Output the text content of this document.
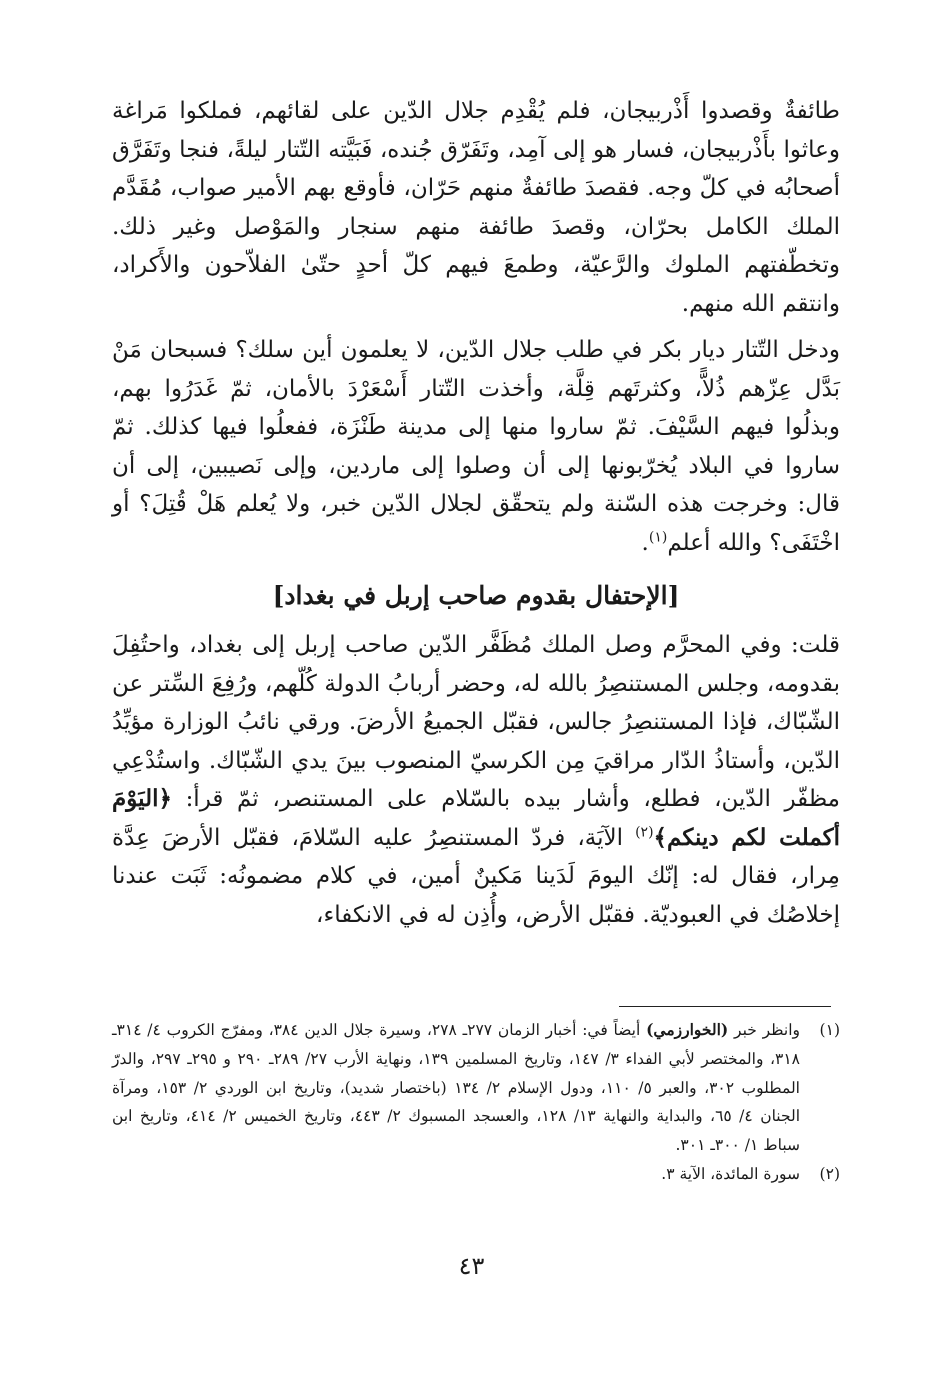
طائفةٌ وقصدوا أَذْربيجان، فلم يُقْدِم جلال الدّين على لقائهم، فملكوا مَراغة وعاثوا بأَذْربيجان، فسار هو إلى آمِد، وتَفَرّق جُنده، فَبَيَّته التّتار ليلةً، فنجا وتَفَرَّق أصحابُه في كلّ وجه. فقصدَ طائفةٌ منهم حَرّان، فأوقع بهم الأمير صواب، مُقَدَّم الملك الكامل بحرّان، وقصدَ طائفة منهم سنجار والمَوْصل وغير ذلك. وتخطّفتهم الملوك والرَّعيّة، وطمعَ فيهم كلّ أحدٍ حتّىٰ الفلاّحون والأَكراد، وانتقم الله منهم.

ودخل التّتار ديار بكر في طلب جلال الدّين، لا يعلمون أين سلك؟ فسبحان مَنْ بَدَّل عِزّهم ذُلاًّ، وكثرتَهم قِلَّة، وأخذت التّتار أَسْعَرْدَ بالأمان، ثمّ غَدَرُوا بهم، وبذلُوا فيهم السَّيْفَ. ثمّ ساروا منها إلى مدينة طَنْزَة، ففعلُوا فيها كذلك. ثمّ ساروا في البلاد يُخرّبونها إلى أن وصلوا إلى ماردين، وإلى نَصيبين، إلى أن قال: وخرجت هذه السّنة ولم يتحقّق لجلال الدّين خبر، ولا يُعلم هَلْ قُتِلَ؟ أو اخْتَفَى؟ والله أعلم$^{(١)}$.

[الإحتفال بقدوم صاحب إربل في بغداد]

قلت: وفي المحرَّم وصل الملك مُظَفَّر الدّين صاحب إربل إلى بغداد، واحتُفِلَ بقدومه، وجلس المستنصِرُ بالله له، وحضر أربابُ الدولة كُلّهم، ورُفِعَ السِّتر عن الشّبّاك، فإذا المستنصِرُ جالس، فقبّل الجميعُ الأرضَ. ورقي نائبُ الوزارة مؤيِّدُ الدّين، وأستاذُ الدّار مراقيَ مِن الكرسيّ المنصوب بينَ يدي الشّبّاك. واستُدْعِي مظفّر الدّين، فطلع، وأشار بيده بالسّلام على المستنصر، ثمّ قرأ: ﴿اليَوْمَ أكملت لكم دينكم﴾$^{(٢)}$ الآيَة، فردّ المستنصِرُ عليه السّلامَ، فقبّل الأرضَ عِدَّة مِرار، فقال له: إنّك اليومَ لَدَينا مَكينٌ أمين، في كلام مضمونُه: ثَبَت عندنا إخلاصُك في العبوديّة. فقبّل الأرض، وأُذِن له في الانكفاء،

(١)
وانظر خبر (الخوارزمي) أيضاً في: أخبار الزمان ٢٧٧ـ ٢٧٨، وسيرة جلال الدين ٣٨٤، ومفرّج الكروب ٤/ ٣١٤ـ ٣١٨، والمختصر لأبي الفداء ٣/ ١٤٧، وتاريخ المسلمين ١٣٩، ونهاية الأرب ٢٧/ ٢٨٩ـ ٢٩٠ و ٢٩٥ـ ٢٩٧، والدرّ المطلوب ٣٠٢، والعبر ٥/ ١١٠، ودول الإسلام ٢/ ١٣٤ (باختصار شديد)، وتاريخ ابن الوردي ٢/ ١٥٣، ومرآة الجنان ٤/ ٦٥، والبداية والنهاية ١٣/ ١٢٨، والعسجد المسبوك ٢/ ٤٤٣، وتاريخ الخميس ٢/ ٤١٤، وتاريخ ابن سباط ١/ ٣٠٠ـ ٣٠١.
(٢)
سورة المائدة، الآية ٣.
٤٣
